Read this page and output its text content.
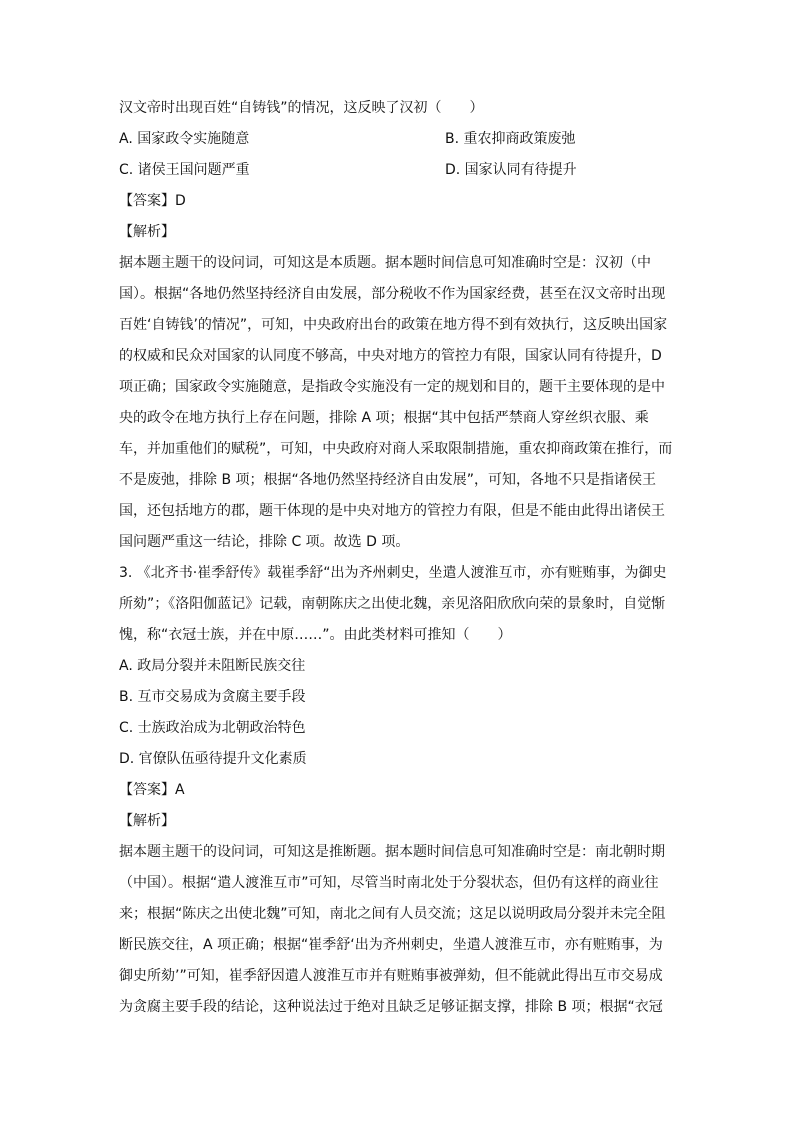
汉文帝时出现百姓“自铸钱”的情况，这反映了汉初（　　）
A. 国家政令实施随意	B. 重农抑商政策废弛
C. 诸侯王国问题严重	D. 国家认同有待提升
【答案】D
【解析】
据本题主题干的设问词，可知这是本质题。据本题时间信息可知准确时空是：汉初（中
国）。根据“各地仍然坚持经济自由发展，部分税收不作为国家经费，甚至在汉文帝时出现
百姓‘自铸钱’的情况”，可知，中央政府出台的政策在地方得不到有效执行，这反映出国家
的权威和民众对国家的认同度不够高，中央对地方的管控力有限，国家认同有待提升，D
项正确；国家政令实施随意，是指政令实施没有一定的规划和目的，题干主要体现的是中
央的政令在地方执行上存在问题，排除 A 项；根据“其中包括严禁商人穿丝织衣服、乘
车，并加重他们的赋税”，可知，中央政府对商人采取限制措施，重农抑商政策在推行，而
不是废弛，排除 B 项；根据“各地仍然坚持经济自由发展”，可知，各地不只是指诸侯王
国，还包括地方的郡，题干体现的是中央对地方的管控力有限，但是不能由此得出诸侯王
国问题严重这一结论，排除 C 项。故选 D 项。
3. 《北齐书·崔季舒传》载崔季舒“出为齐州刺史，坐遣人渡淮互市，亦有赃贿事，为御史
所劾”；《洛阳伽蓝记》记载，南朝陈庆之出使北魏，亲见洛阳欣欣向荣的景象时，自觉惭
愧，称“衣冠士族，并在中原……”。由此类材料可推知（　　）
A. 政局分裂并未阻断民族交往
B. 互市交易成为贪腐主要手段
C. 士族政治成为北朝政治特色
D. 官僚队伍亟待提升文化素质
【答案】A
【解析】
据本题主题干的设问词，可知这是推断题。据本题时间信息可知准确时空是：南北朝时期
（中国）。根据“遣人渡淮互市”可知，尽管当时南北处于分裂状态，但仍有这样的商业往
来；根据“陈庆之出使北魏”可知，南北之间有人员交流；这足以说明政局分裂并未完全阻
断民族交往，A 项正确；根据“崔季舒‘出为齐州刺史，坐遣人渡淮互市，亦有赃贿事，为
御史所劾’”可知，崔季舒因遣人渡淮互市并有赃贿事被弹劾，但不能就此得出互市交易成
为贪腐主要手段的结论，这种说法过于绝对且缺乏足够证据支撑，排除 B 项；根据“衣冠
